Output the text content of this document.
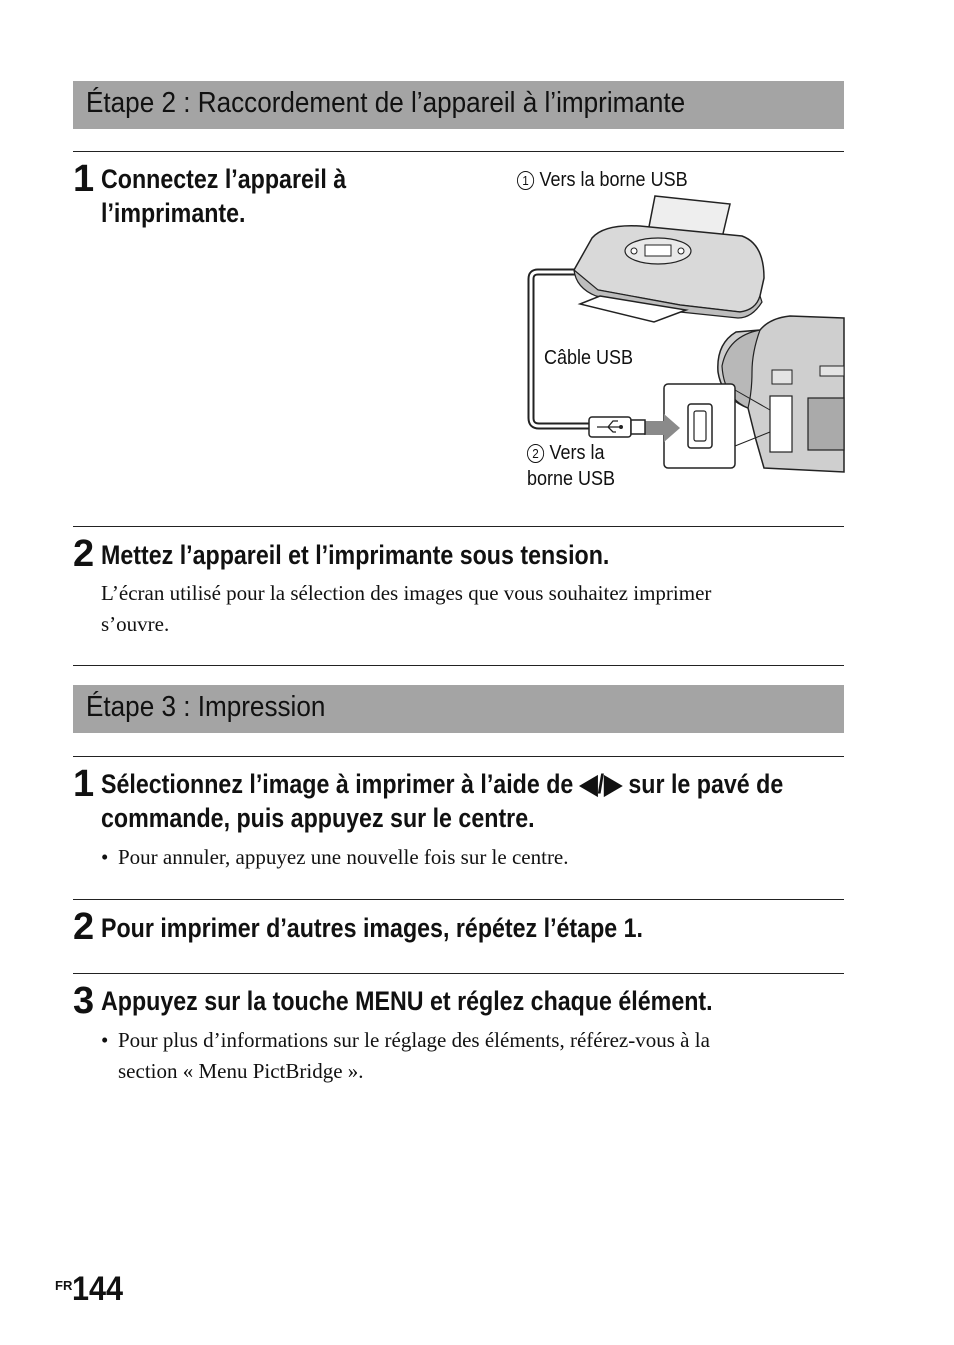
Étape 2 : Raccordement de l’appareil à l’imprimante
1 Connectez l’appareil à
l’imprimante.
1 Vers la borne USB
Câble USB
2 Vers la
borne USB
2 Mettez l’appareil et l’imprimante sous tension.
L’écran utilisé pour la sélection des images que vous souhaitez imprimer
s’ouvre.
Étape 3 : Impression
1 Sélectionnez l’image à imprimer à l’aide de ◀/▶ sur le pavé de
commande, puis appuyez sur le centre.
• Pour annuler, appuyez une nouvelle fois sur le centre.
2 Pour imprimer d’autres images, répétez l’étape 1.
3 Appuyez sur la touche MENU et réglez chaque élément.
• Pour plus d’informations sur le réglage des éléments, référez-vous à la
section « Menu PictBridge ».
$^{FR}$144
